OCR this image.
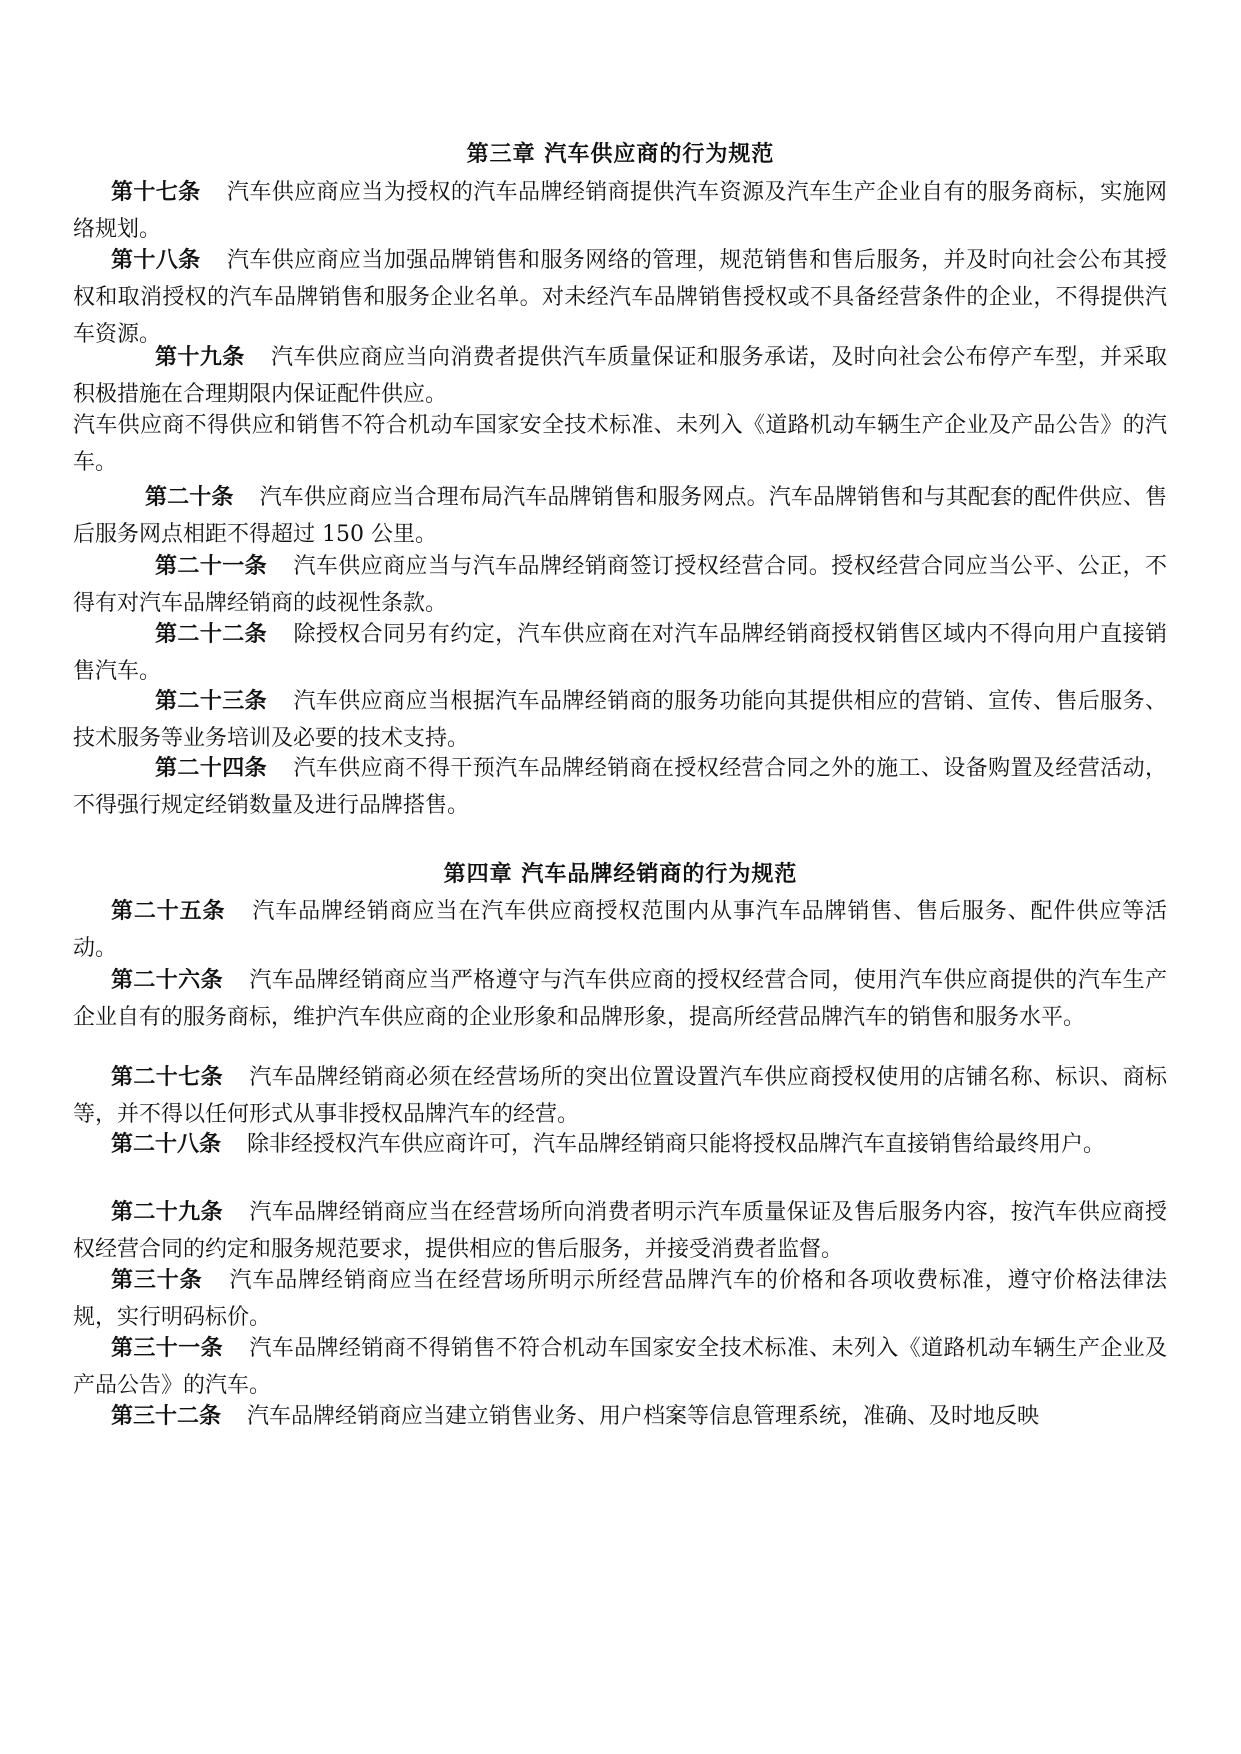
第三章 汽车供应商的行为规范
第十七条 汽车供应商应当为授权的汽车品牌经销商提供汽车资源及汽车生产企业自有的服务商标，实施网络规划。
第十八条 汽车供应商应当加强品牌销售和服务网络的管理，规范销售和售后服务，并及时向社会公布其授权和取消授权的汽车品牌销售和服务企业名单。对未经汽车品牌销售授权或不具备经营条件的企业，不得提供汽车资源。
第十九条 汽车供应商应当向消费者提供汽车质量保证和服务承诺，及时向社会公布停产车型，并采取积极措施在合理期限内保证配件供应。
汽车供应商不得供应和销售不符合机动车国家安全技术标准、未列入《道路机动车辆生产企业及产品公告》的汽车。
第二十条 汽车供应商应当合理布局汽车品牌销售和服务网点。汽车品牌销售和与其配套的配件供应、售后服务网点相距不得超过 150 公里。
第二十一条 汽车供应商应当与汽车品牌经销商签订授权经营合同。授权经营合同应当公平、公正，不得有对汽车品牌经销商的歧视性条款。
第二十二条 除授权合同另有约定，汽车供应商在对汽车品牌经销商授权销售区域内不得向用户直接销售汽车。
第二十三条 汽车供应商应当根据汽车品牌经销商的服务功能向其提供相应的营销、宣传、售后服务、技术服务等业务培训及必要的技术支持。
第二十四条 汽车供应商不得干预汽车品牌经销商在授权经营合同之外的施工、设备购置及经营活动，不得强行规定经销数量及进行品牌搭售。
第四章 汽车品牌经销商的行为规范
第二十五条 汽车品牌经销商应当在汽车供应商授权范围内从事汽车品牌销售、售后服务、配件供应等活动。
第二十六条 汽车品牌经销商应当严格遵守与汽车供应商的授权经营合同，使用汽车供应商提供的汽车生产企业自有的服务商标，维护汽车供应商的企业形象和品牌形象，提高所经营品牌汽车的销售和服务水平。
第二十七条 汽车品牌经销商必须在经营场所的突出位置设置汽车供应商授权使用的店铺名称、标识、商标等，并不得以任何形式从事非授权品牌汽车的经营。
第二十八条 除非经授权汽车供应商许可，汽车品牌经销商只能将授权品牌汽车直接销售给最终用户。
第二十九条 汽车品牌经销商应当在经营场所向消费者明示汽车质量保证及售后服务内容，按汽车供应商授权经营合同的约定和服务规范要求，提供相应的售后服务，并接受消费者监督。
第三十条 汽车品牌经销商应当在经营场所明示所经营品牌汽车的价格和各项收费标准，遵守价格法律法规，实行明码标价。
第三十一条 汽车品牌经销商不得销售不符合机动车国家安全技术标准、未列入《道路机动车辆生产企业及产品公告》的汽车。
第三十二条 汽车品牌经销商应当建立销售业务、用户档案等信息管理系统，准确、及时地反映
